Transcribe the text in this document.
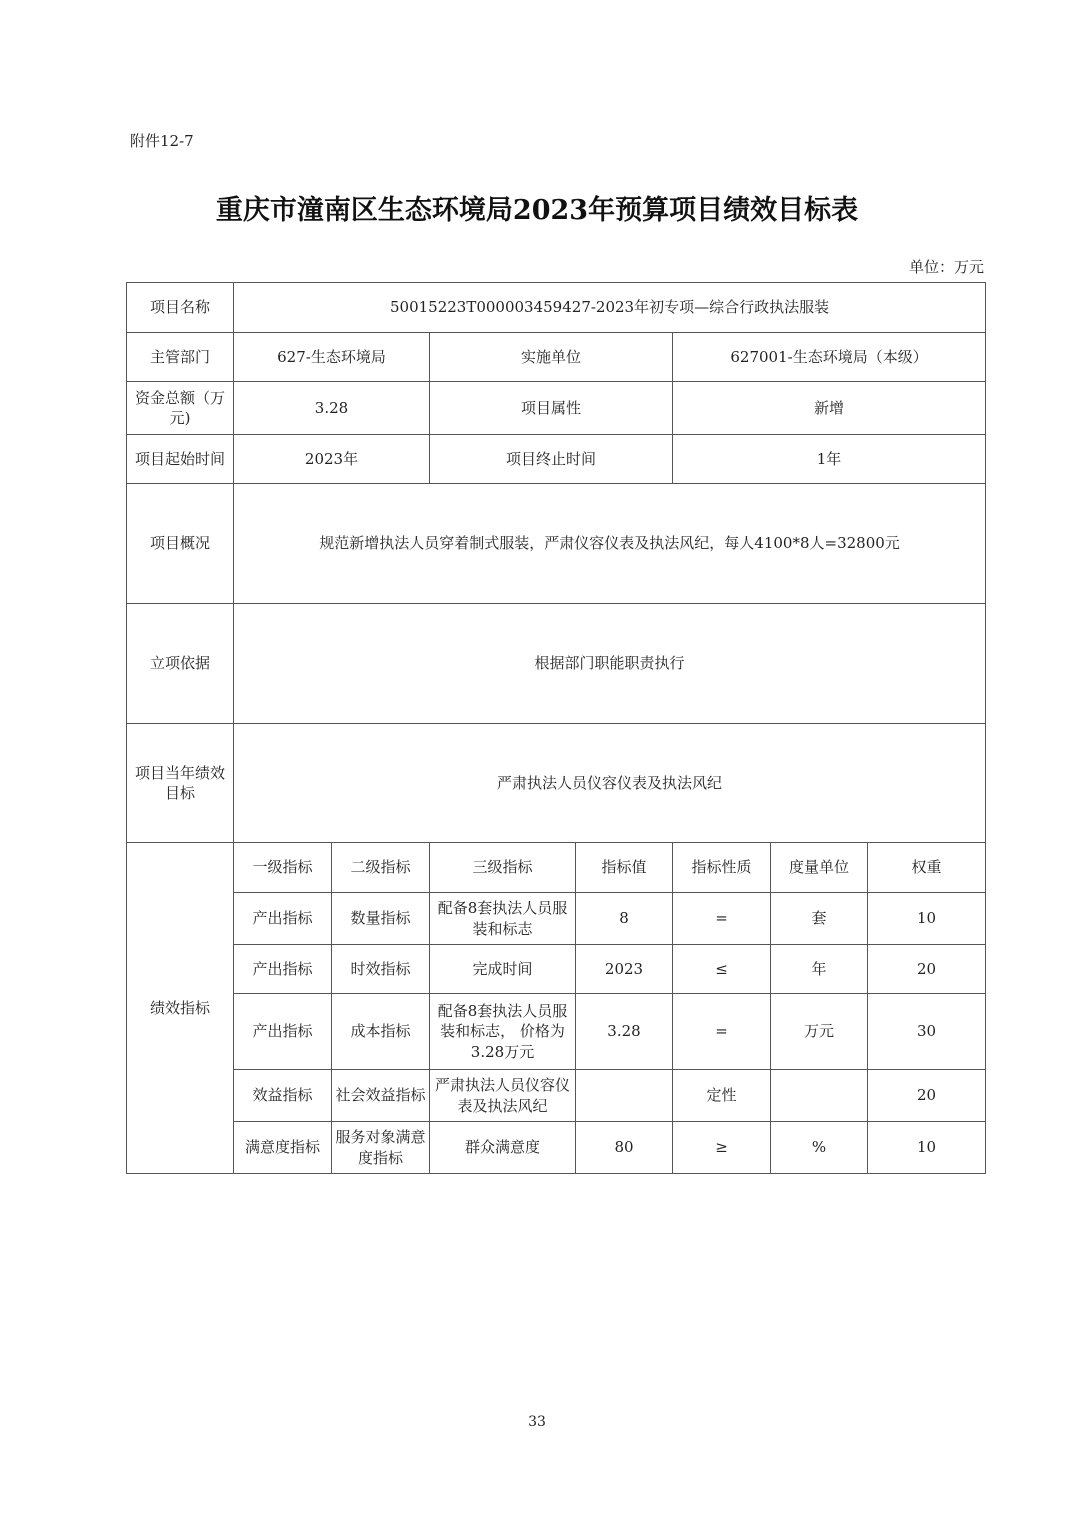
附件12-7
重庆市潼南区生态环境局2023年预算项目绩效目标表
单位：万元
项目名称	50015223T000003459427-2023年初专项—综合行政执法服装						
主管部门	627-生态环境局		实施单位		627001-生态环境局（本级）		
资金总额（万元)	3.28		项目属性		新增		
项目起始时间	2023年		项目终止时间		1年		
项目概况	规范新增执法人员穿着制式服装，严肃仪容仪表及执法风纪，每人4100*8人=32800元						
立项依据	根据部门职能职责执行						
项目当年绩效目标	严肃执法人员仪容仪表及执法风纪						
绩效指标	一级指标	二级指标	三级指标	指标值	指标性质	度量单位	权重
	产出指标	数量指标	配备8套执法人员服装和标志	8	=	套	10
	产出指标	时效指标	完成时间	2023	≤	年	20
	产出指标	成本指标	配备8套执法人员服装和标志， 价格为3.28万元	3.28	=	万元	30
	效益指标	社会效益指标	严肃执法人员仪容仪表及执法风纪		定性		20
	满意度指标	服务对象满意度指标	群众满意度	80	≥	%	10
33
